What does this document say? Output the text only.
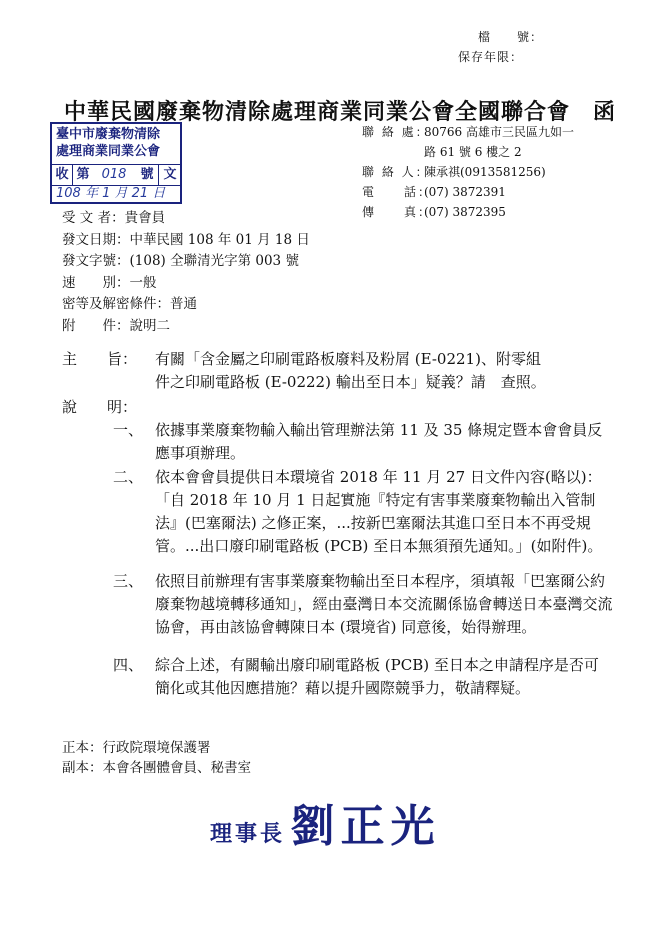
檔　　號：
保存年限：
中華民國廢棄物清除處理商業同業公會全國聯合會　函
聯 絡 處：80766 高雄市三民區九如一
路 61 號 6 樓之 2
聯 絡 人：陳承祺(0913581256)
電　　話：(07) 3872391
傳　　真：(07) 3872395
臺中市廢棄物清除
處理商業同業公會
收 第 018	號 文
108 年 1 月 21 日
受 文 者：貴會員
發文日期：中華民國 108 年 01 月 18 日
發文字號：(108) 全聯清光字第 003 號
速　　別：一般
密等及解密條件：普通
附　　件：說明二
主　　旨： 有關「含金屬之印刷電路板廢料及粉屑 (E-0221)、附零組
件之印刷電路板 (E-0222) 輸出至日本」疑義？請　查照。
說　　明：
一、 依據事業廢棄物輸入輸出管理辦法第 11 及 35 條規定暨本會會員反應事項辦理。
二、 依本會會員提供日本環境省 2018 年 11 月 27 日文件內容(略以)：「自 2018 年 10 月 1 日起實施『特定有害事業廢棄物輸出入管制法』(巴塞爾法) 之修正案，...按新巴塞爾法其進口至日本不再受規管。...出口廢印刷電路板 (PCB) 至日本無須預先通知。」(如附件)。
三、 依照目前辦理有害事業廢棄物輸出至日本程序，須填報「巴塞爾公約廢棄物越境轉移通知」，經由臺灣日本交流關係協會轉送日本臺灣交流協會，再由該協會轉陳日本 (環境省) 同意後，始得辦理。
四、 綜合上述，有關輸出廢印刷電路板 (PCB) 至日本之申請程序是否可簡化或其他因應措施？藉以提升國際競爭力，敬請釋疑。
正本：行政院環境保護署
副本：本會各團體會員、秘書室
理事長 劉正光
